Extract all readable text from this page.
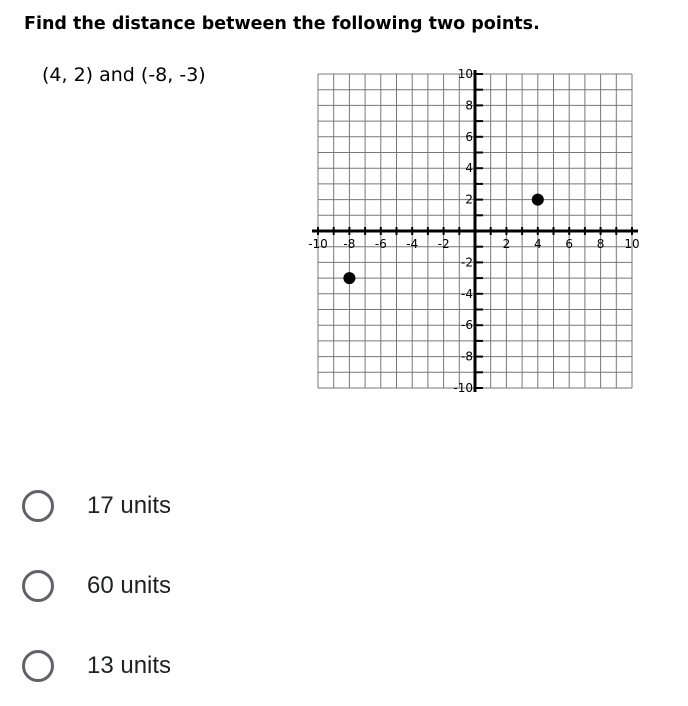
Find the distance between the following two points.
(4, 2) and (-8, -3)
-10 -8 -6 -4 -2	2 4 6 8 10
10
8
6
4
2
-2
-4
-6
-8
-10
17 units
60 units
13 units
